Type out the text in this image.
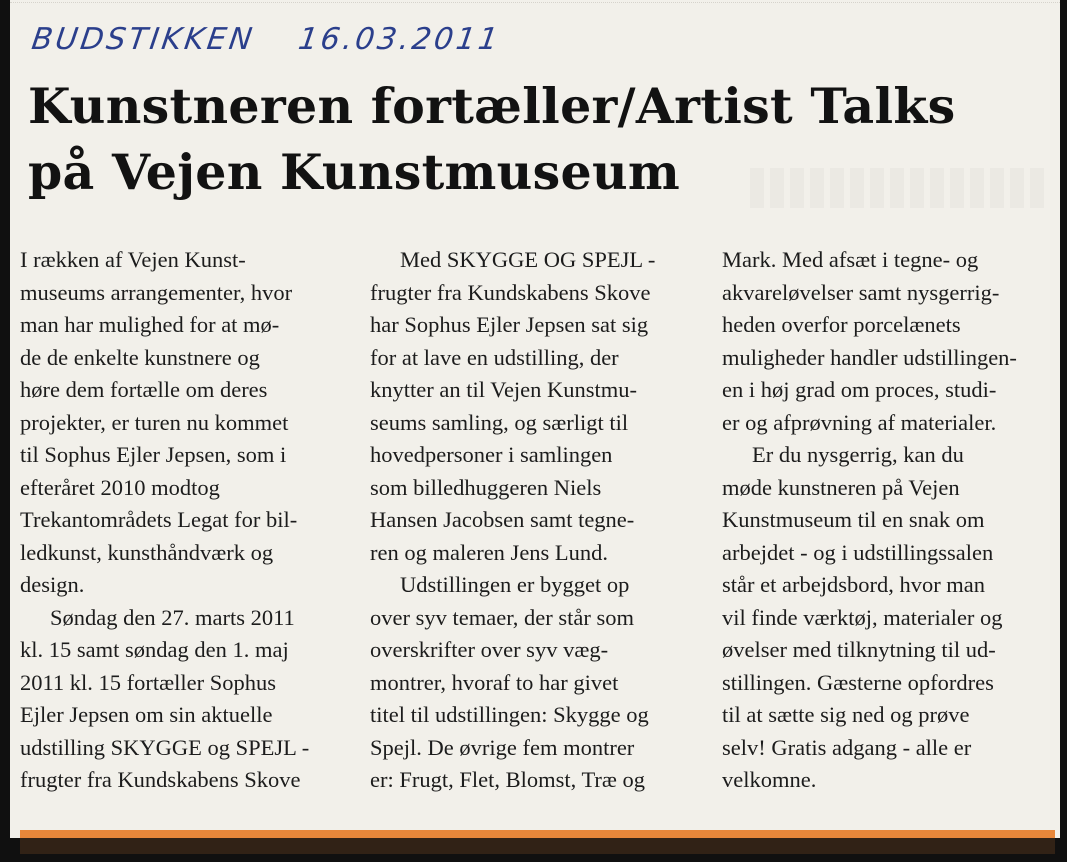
BUDSTIKKEN 16.03.2011
Kunstneren fortæller/Artist Talks
på Vejen Kunstmuseum
I rækken af Vejen Kunst-
museums arrangementer, hvor
man har mulighed for at mø-
de de enkelte kunstnere og
høre dem fortælle om deres
projekter, er turen nu kommet
til Sophus Ejler Jepsen, som i
efteråret 2010 modtog
Trekantområdets Legat for bil-
ledkunst, kunsthåndværk og
design.
Søndag den 27. marts 2011
kl. 15 samt søndag den 1. maj
2011 kl. 15 fortæller Sophus
Ejler Jepsen om sin aktuelle
udstilling SKYGGE og SPEJL -
frugter fra Kundskabens Skove
Med SKYGGE OG SPEJL -
frugter fra Kundskabens Skove
har Sophus Ejler Jepsen sat sig
for at lave en udstilling, der
knytter an til Vejen Kunstmu-
seums samling, og særligt til
hovedpersoner i samlingen
som billedhuggeren Niels
Hansen Jacobsen samt tegne-
ren og maleren Jens Lund.
Udstillingen er bygget op
over syv temaer, der står som
overskrifter over syv væg-
montrer, hvoraf to har givet
titel til udstillingen: Skygge og
Spejl. De øvrige fem montrer
er: Frugt, Flet, Blomst, Træ og
Mark. Med afsæt i tegne- og
akvareløvelser samt nysgerrig-
heden overfor porcelænets
muligheder handler udstillingen-
en i høj grad om proces, studi-
er og afprøvning af materialer.
Er du nysgerrig, kan du
møde kunstneren på Vejen
Kunstmuseum til en snak om
arbejdet - og i udstillingssalen
står et arbejdsbord, hvor man
vil finde værktøj, materialer og
øvelser med tilknytning til ud-
stillingen. Gæsterne opfordres
til at sætte sig ned og prøve
selv! Gratis adgang - alle er
velkomne.
